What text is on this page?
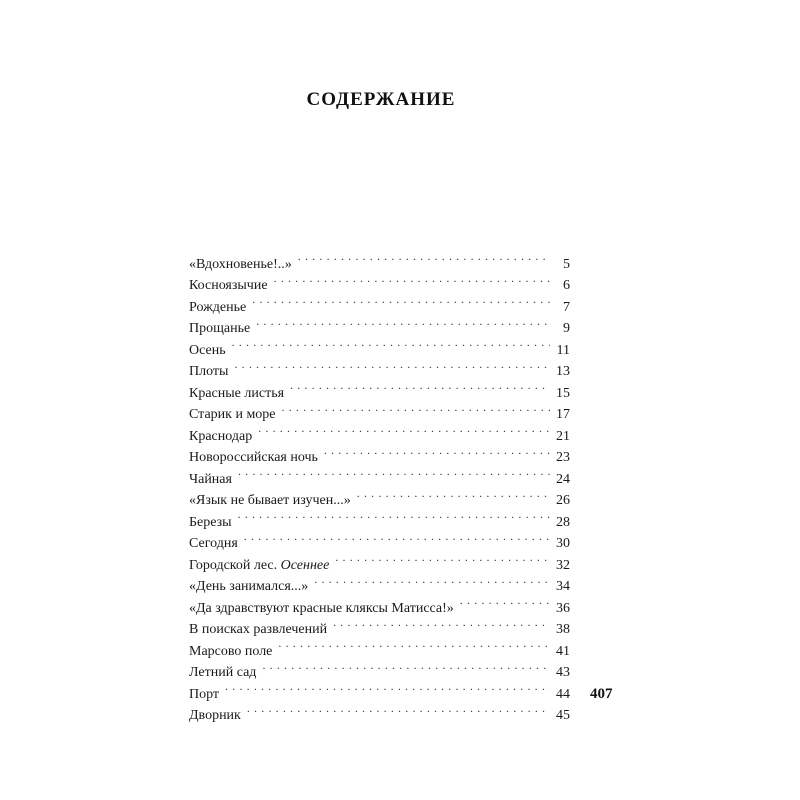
СОДЕРЖАНИЕ
«Вдохновенье!..» . . .	5
Косноязычие . . .	6
Рожденье . . .	7
Прощанье . . .	9
Осень . . .	11
Плоты . . .	13
Красные листья . . .	15
Старик и море . . .	17
Краснодар . . .	21
Новороссийская ночь . . .	23
Чайная . . .	24
«Язык не бывает изучен...» . . .	26
Березы . . .	28
Сегодня . . .	30
Городской лес. Осеннее . . .	32
«День занимался...» . . .	34
«Да здравствуют красные кляксы Матисса!» . . .	36
В поисках развлечений . . .	38
Марсово поле . . .	41
Летний сад . . .	43
Порт . . .	44
Дворник . . .	45
407
